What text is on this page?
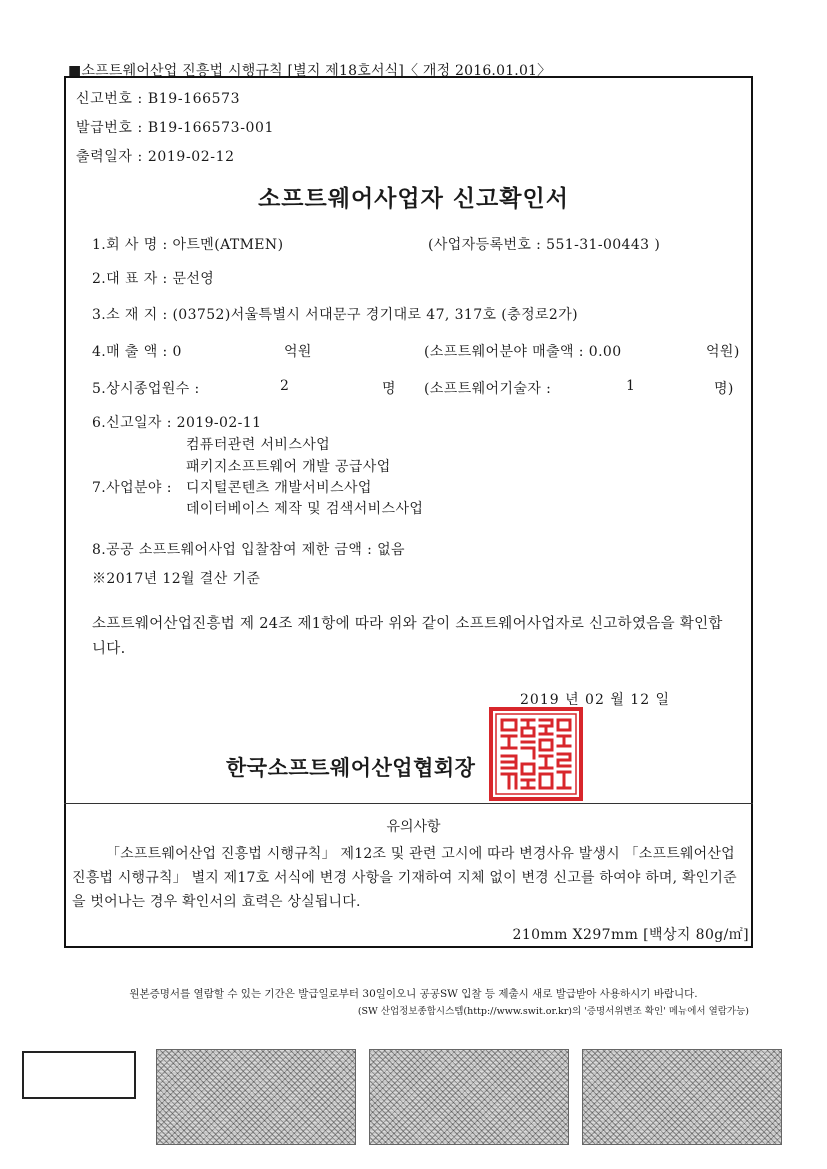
■소프트웨어산업 진흥법 시행규칙 [별지 제18호서식]〈 개정 2016.01.01〉
신고번호 : B19-166573
발급번호 : B19-166573-001
출력일자 : 2019-02-12
소프트웨어사업자 신고확인서
1.회 사 명 : 아트멘(ATMEN)	(사업자등록번호 : 551-31-00443 )
2.대 표 자 : 문선영
3.소 재 지 : (03752)서울특별시 서대문구 경기대로 47, 317호 (충정로2가)
4.매 출 액 : 0	억원	(소프트웨어분야 매출액 : 0.00	억원)
5.상시종업원수 :	2	명 (소프트웨어기술자 :	1	명)
6.신고일자 : 2019-02-11
컴퓨터관련 서비스사업
패키지소프트웨어 개발 공급사업
7.사업분야 : 디지털콘텐츠 개발서비스사업
데이터베이스 제작 및 검색서비스사업
8.공공 소프트웨어사업 입찰참여 제한 금액 : 없음
※2017년 12월 결산 기준
소프트웨어산업진흥법 제 24조 제1항에 따라 위와 같이 소프트웨어사업자로 신고하였음을 확인합니다.
2019 년 02 월 12 일
한국소프트웨어산업협회장
유의사항
「소프트웨어산업 진흥법 시행규칙」 제12조 및 관련 고시에 따라 변경사유 발생시 「소프트웨어산업 진흥법 시행규칙」 별지 제17호 서식에 변경 사항을 기재하여 지체 없이 변경 신고를 하여야 하며, 확인기준을 벗어나는 경우 확인서의 효력은 상실됩니다.
210mm X297mm [백상지 80g/㎡]
원본증명서를 열람할 수 있는 기간은 발급일로부터 30일이오니 공공SW 입찰 등 제출시 새로 발급받아 사용하시기 바랍니다.
(SW 산업정보종합시스템(http://www.swit.or.kr)의 '증명서위변조 확인' 메뉴에서 열람가능)
